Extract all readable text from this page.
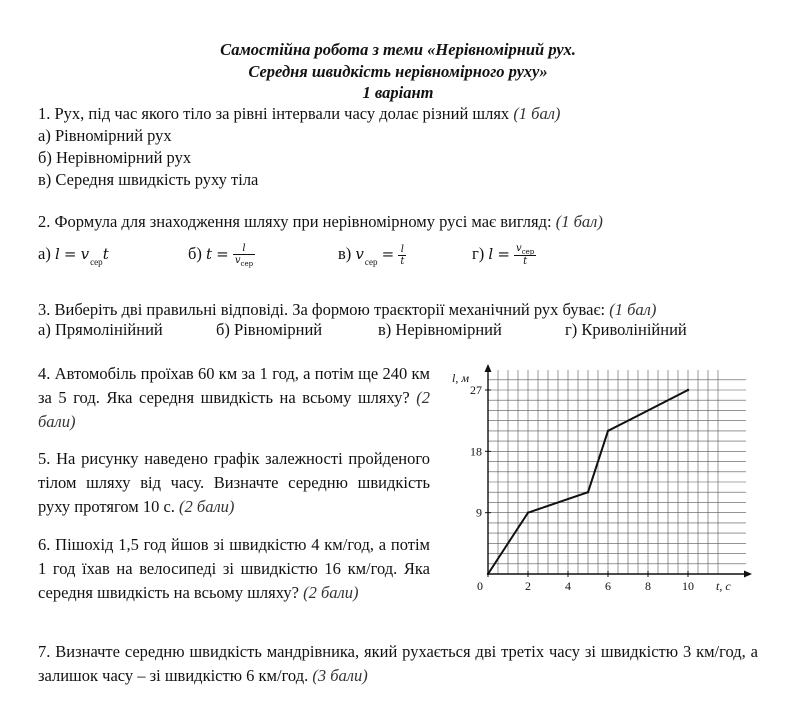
Самостійна робота з теми «Нерівномірний рух.
Середня швидкість нерівномірного руху»
1 варіант
1. Рух, під час якого тіло за рівні інтервали часу долає різний шлях (1 бал)
а) Рівномірний рух
б) Нерівномірний рух
в) Середня швидкість руху тіла
2. Формула для знаходження шляху при нерівномірному русі має вигляд: (1 бал)
а) $l = v_{сер}t$	б) $t = \frac{l}{v_{сер}}$	в) $v_{сер} = \frac{l}{t}$	г) $l = \frac{v_{сер}}{t}$
3. Виберіть дві правильні відповіді. За формою траєкторії механічний рух буває: (1 бал)
а) Прямолінійний	б) Рівномірний	в) Нерівномірний	г) Криволінійний
4. Автомобіль проїхав 60 км за 1 год, а потім ще 240 км за 5 год. Яка середня швидкість на всьому шляху? (2 бали)
5. На рисунку наведено графік залежності пройденого тілом шляху від часу. Визначте середню швидкість руху протягом 10 с. (2 бали)
6. Пішохід 1,5 год йшов зі швидкістю 4 км/год, а потім 1 год їхав на велосипеді зі швидкістю 16 км/год. Яка середня швидкість на всьому шляху? (2 бали)
7. Визначте середню швидкість мандрівника, який рухається дві третіх часу зі швидкістю 3 км/год, а залишок часу – зі швидкістю 6 км/год. (3 бали)
0	2	4	6	8	10
9
18
27
l, м
t, с
